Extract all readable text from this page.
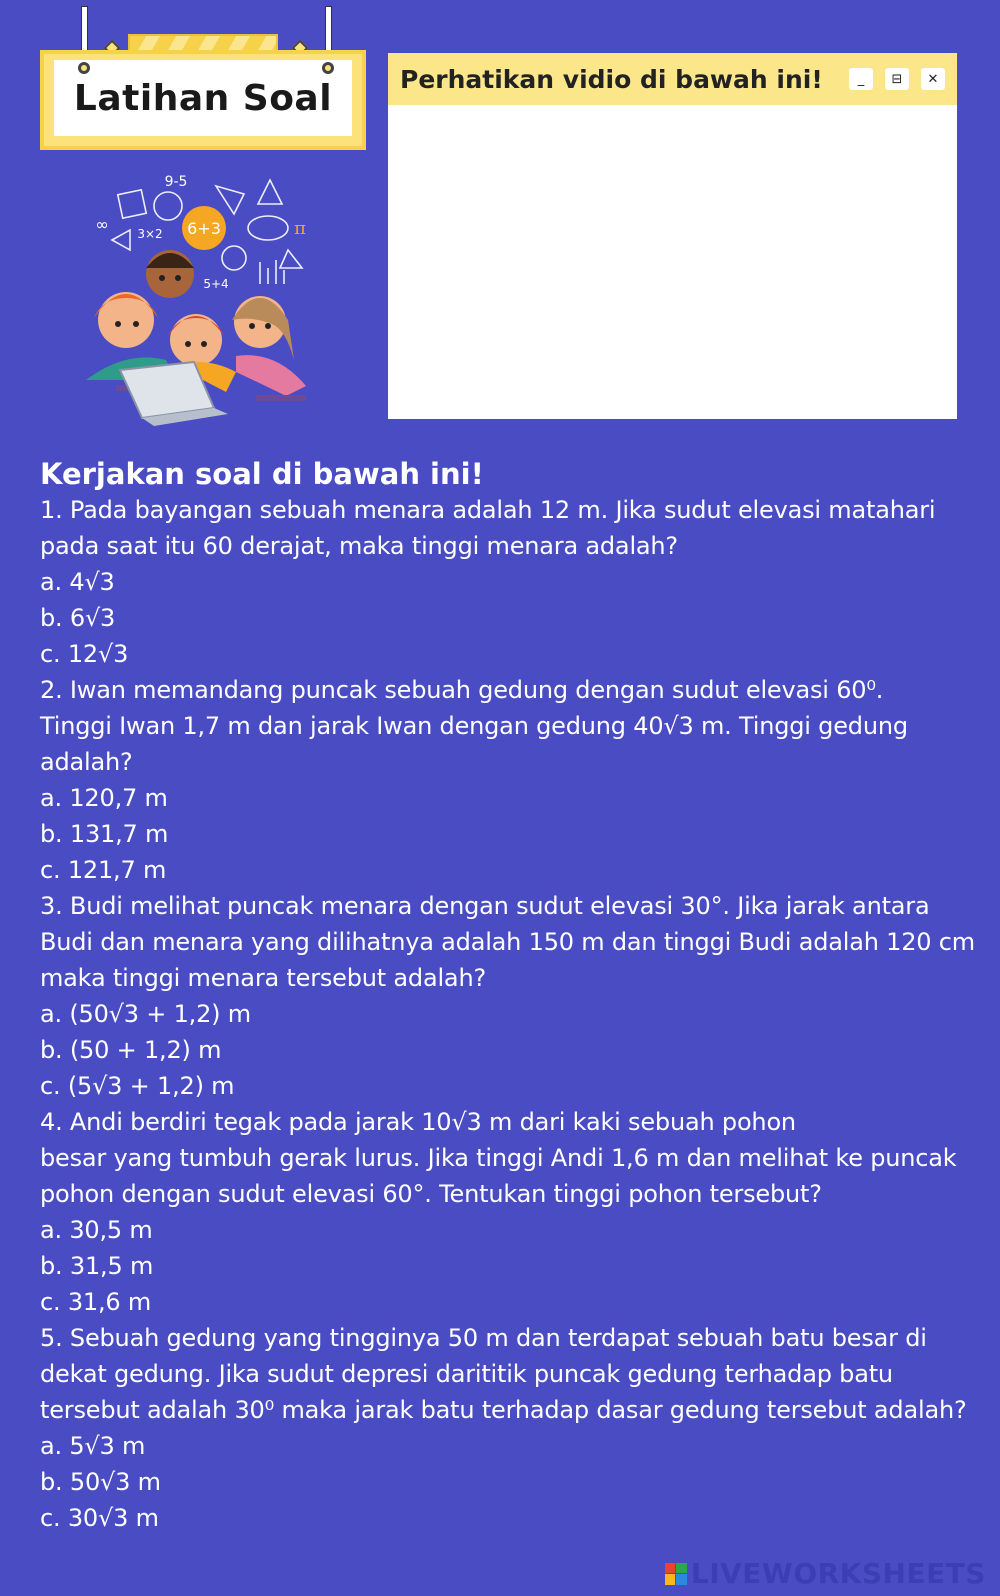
Latihan Soal
6+3
9-5
3×2
5+4
π
∞
Perhatikan vidio di bawah ini!	_	⊟	✕
Kerjakan soal di bawah ini!
1. Pada bayangan sebuah menara adalah 12 m. Jika sudut elevasi matahari
pada saat itu 60 derajat, maka tinggi menara adalah?
a. 4√3
b. 6√3
c. 12√3
2. Iwan memandang puncak sebuah gedung dengan sudut elevasi 60⁰.
Tinggi Iwan 1,7 m dan jarak Iwan dengan gedung 40√3 m. Tinggi gedung
adalah?
a. 120,7 m
b. 131,7 m
c. 121,7 m
3. Budi melihat puncak menara dengan sudut elevasi 30°. Jika jarak antara
Budi dan menara yang dilihatnya adalah 150 m dan tinggi Budi adalah 120 cm
maka tinggi menara tersebut adalah?
a. (50√3 + 1,2) m
b. (50 + 1,2) m
c. (5√3 + 1,2) m
4. Andi berdiri tegak pada jarak 10√3 m dari kaki sebuah pohon
besar yang tumbuh gerak lurus. Jika tinggi Andi 1,6 m dan melihat ke puncak
pohon dengan sudut elevasi 60°. Tentukan tinggi pohon tersebut?
a. 30,5 m
b. 31,5 m
c. 31,6 m
5. Sebuah gedung yang tingginya 50 m dan terdapat sebuah batu besar di
dekat gedung. Jika sudut depresi darititik puncak gedung terhadap batu
tersebut adalah 30⁰ maka jarak batu terhadap dasar gedung tersebut adalah?
a. 5√3 m
b. 50√3 m
c. 30√3 m
LIVEWORKSHEETS
